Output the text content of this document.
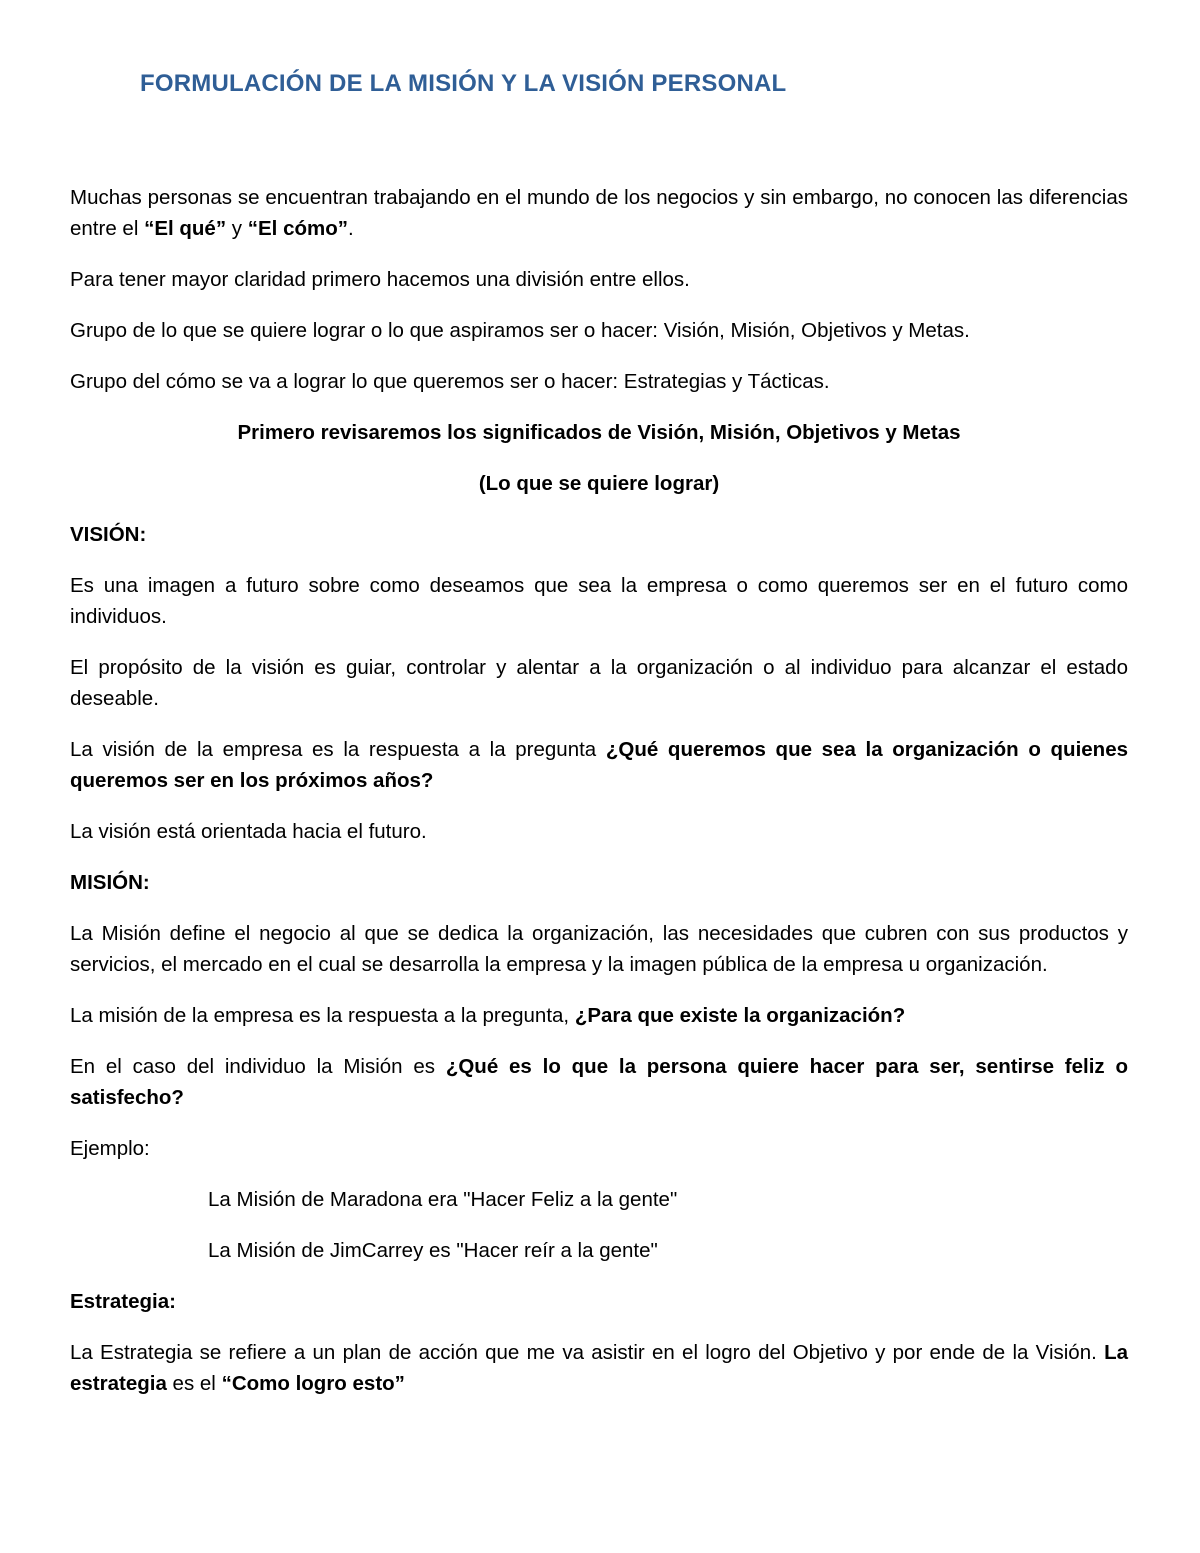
FORMULACIÓN DE LA MISIÓN Y LA VISIÓN PERSONAL

Muchas personas se encuentran trabajando en el mundo de los negocios y sin embargo, no conocen las diferencias entre el “El qué” y “El cómo”.

Para tener mayor claridad primero hacemos una división entre ellos.

Grupo de lo que se quiere lograr o lo que aspiramos ser o hacer: Visión, Misión, Objetivos y Metas.

Grupo del cómo se va a lograr lo que queremos ser o hacer: Estrategias y Tácticas.

Primero revisaremos los significados de Visión, Misión, Objetivos y Metas

(Lo que se quiere lograr)

VISIÓN:

Es una imagen a futuro sobre como deseamos que sea la empresa o como queremos ser en el futuro como individuos.

El propósito de la visión es guiar, controlar y alentar a la organización o al individuo para alcanzar el estado deseable.

La visión de la empresa es la respuesta a la pregunta ¿Qué queremos que sea la organización o quienes queremos ser en los próximos años?

La visión está orientada hacia el futuro.

MISIÓN:

La Misión define el negocio al que se dedica la organización, las necesidades que cubren con sus productos y servicios, el mercado en el cual se desarrolla la empresa y la imagen pública de la empresa u organización.

La misión de la empresa es la respuesta a la pregunta, ¿Para que existe la organización?

En el caso del individuo la Misión es ¿Qué es lo que la persona quiere hacer para ser, sentirse feliz o satisfecho?

Ejemplo:

La Misión de Maradona era "Hacer Feliz a la gente"

La Misión de JimCarrey es "Hacer reír a la gente"

Estrategia:

La Estrategia se refiere a un plan de acción que me va asistir en el logro del Objetivo y por ende de la Visión. La estrategia es el “Como logro esto”
